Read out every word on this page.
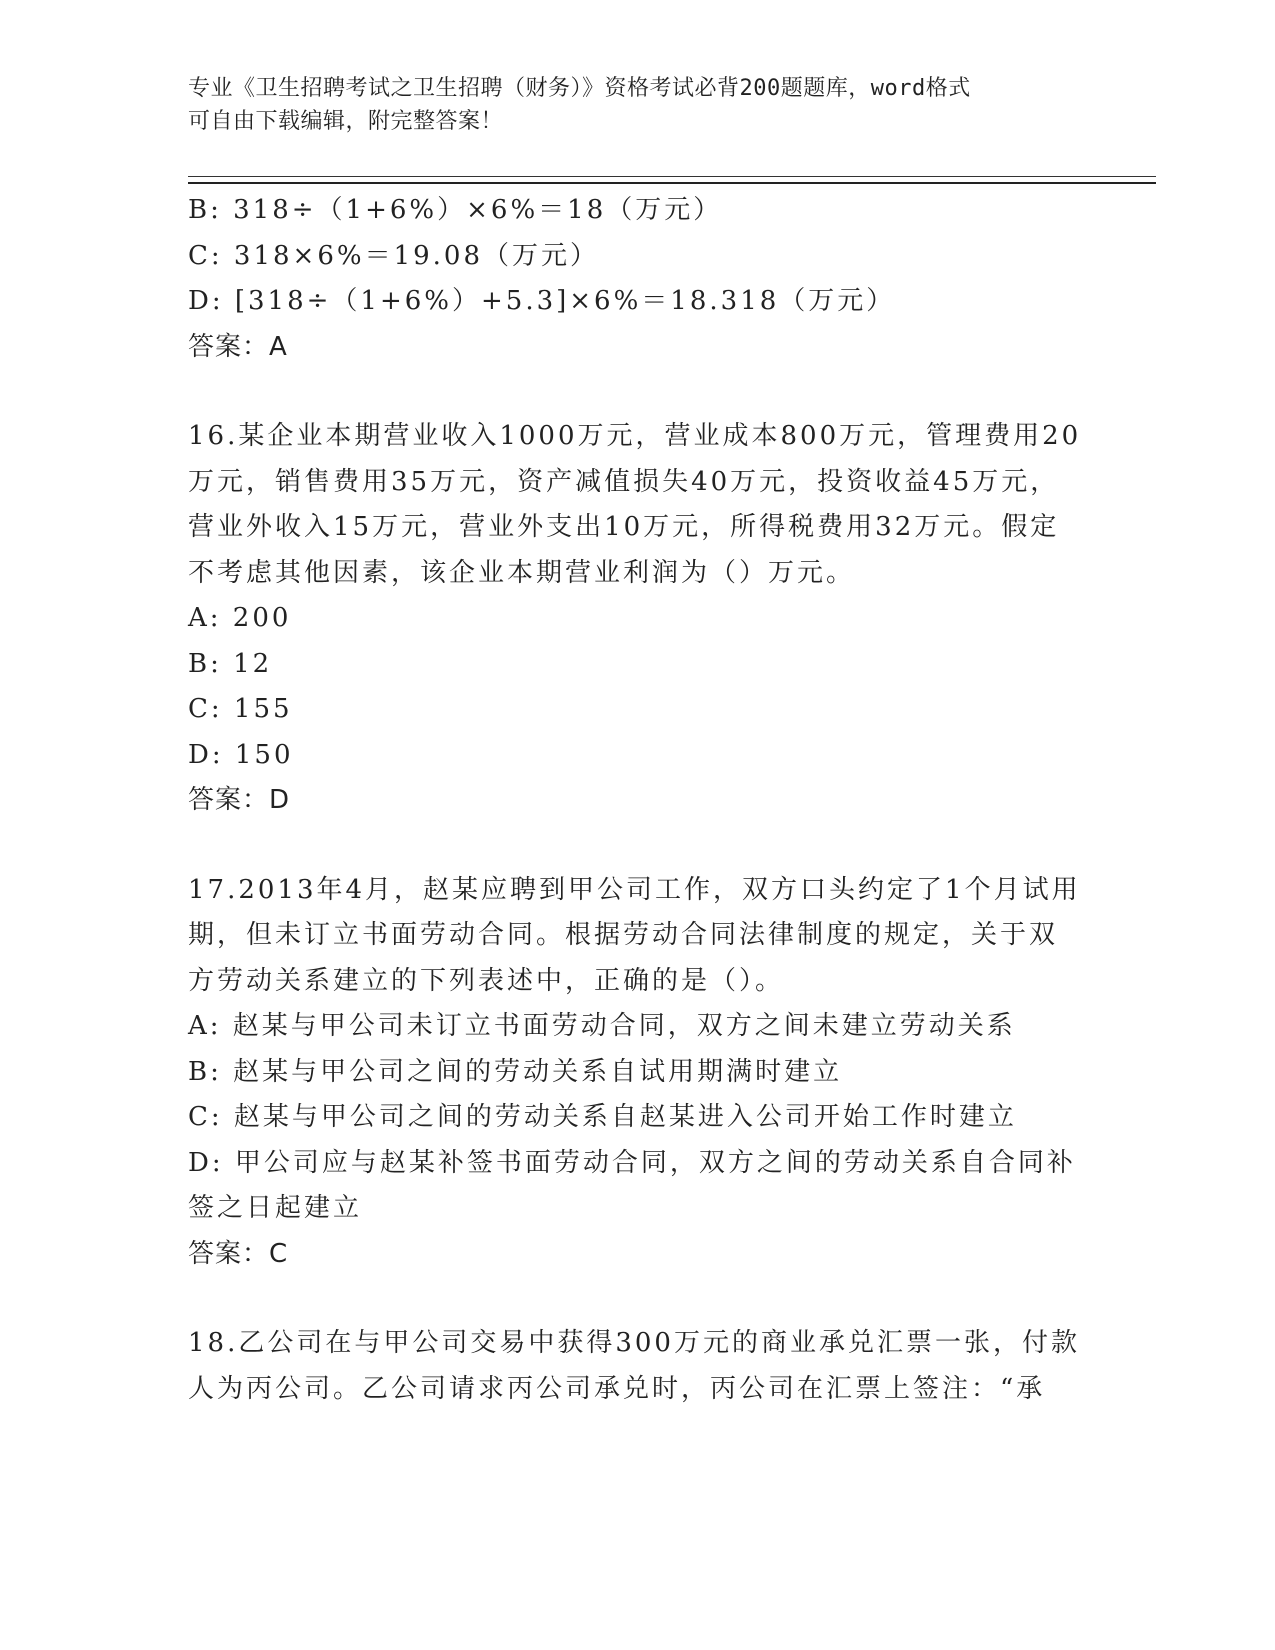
专业《卫生招聘考试之卫生招聘（财务）》资格考试必背200题题库，word格式
可自由下载编辑，附完整答案！
B: 318÷（1+6%）×6%＝18（万元）
C: 318×6%＝19.08（万元）
D: [318÷（1+6%）+5.3]×6%＝18.318（万元）
答案：A
16.某企业本期营业收入1000万元，营业成本800万元，管理费用20
万元，销售费用35万元，资产减值损失40万元，投资收益45万元，
营业外收入15万元，营业外支出10万元，所得税费用32万元。假定
不考虑其他因素，该企业本期营业利润为（）万元。
A: 200
B: 12
C: 155
D: 150
答案：D
17.2013年4月，赵某应聘到甲公司工作，双方口头约定了1个月试用
期，但未订立书面劳动合同。根据劳动合同法律制度的规定，关于双
方劳动关系建立的下列表述中，正确的是（）。
A: 赵某与甲公司未订立书面劳动合同，双方之间未建立劳动关系
B: 赵某与甲公司之间的劳动关系自试用期满时建立
C: 赵某与甲公司之间的劳动关系自赵某进入公司开始工作时建立
D: 甲公司应与赵某补签书面劳动合同，双方之间的劳动关系自合同补
签之日起建立
答案：C
18.乙公司在与甲公司交易中获得300万元的商业承兑汇票一张，付款
人为丙公司。乙公司请求丙公司承兑时，丙公司在汇票上签注：“承
